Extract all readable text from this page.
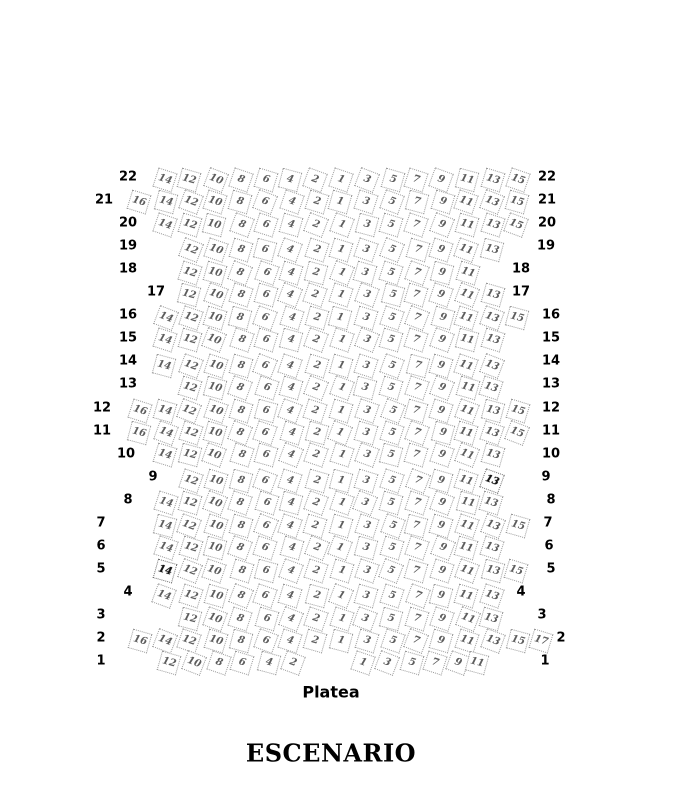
Platea
ESCENARIO
22	22
14 12	10	8	6	4	2	1	3	5	7	9	11 13 15
21	21
16	14 12 10	8	6	4	2	1	3	5	7	9 11 13 15
20	20
14 12 10	8	6	4	2	1	3	5	7	9	11 13 15
19	19
12 10	8	6	4	2	1	3	5	7	9	11 13
18	18
12 10	8	6	4	2	1	3	5	7	9	11
17	17
12	10	8	6	4	2	1	3	5	7	9	11 13
16	16
14 12 10	8	6	4	2	1	3	5	7	9 11 13 15
15	15
14 12 10	8	6	4	2	1	3	5	7	9	11 13
14	14
14	12 10	8	6	4	2	1	3	5	7	9	11 13
13	13
12 10	8	6	4	2	1	3	5	7	9	11 13
12	12
16 14 12	10	8	6	4	2	1	3	5	7	9	11 13 15
11	11
16	14 12 10	8	6	4	2	1	3	5	7	9	11 13 15
10	10
14 12 10	8	6	4	2	1	3	5	7	9	11 13
9	9
12 10	8	6	4	2	1	3	5	7	9	11 13
8	8
14 12 10	8	6	4	2	1	3	5	7	9	11 13
7	7
14 12	10	8	6	4	2	1	3	5	7	9	11 13 15
6	6
14 12 10	8	6	4	2	1	3	5	7	9 11 13
5	5
14 12 10	8	6	4	2	1	3	5	7	9	11 13 15
4	4
14	12 10	8	6	4	2	1	3	5	7	9	11 13
3	3
12 10	8	6	4	2	1	3	5	7	9	11 13
2	2
16 14 12	10	8	6	4	2	1	3	5	7	9	11 13 15 17
1	1
12 10	8	6	4	2	1	3	5	7	9 11
